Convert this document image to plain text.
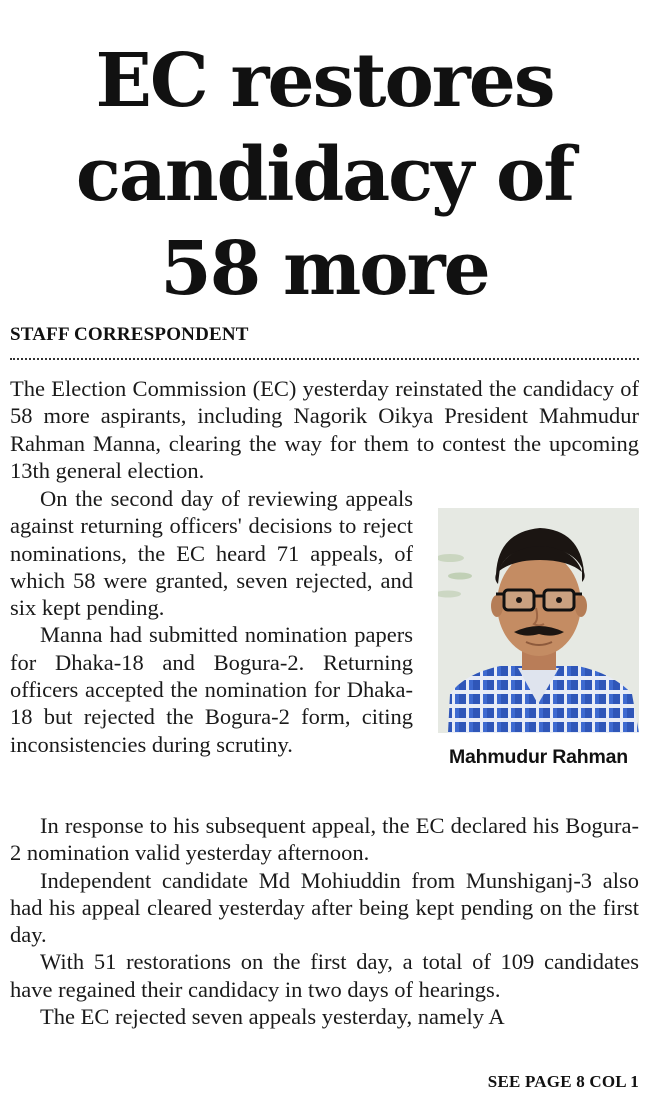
EC restores
candidacy of
58 more
STAFF CORRESPONDENT

The Election Commission (EC) yesterday reinstated the candidacy of 58 more aspirants, including Nagorik Oikya President Mahmudur Rahman Manna, clearing the way for them to contest the upcoming 13th general election.

On the second day of reviewing appeals against returning officers' decisions to reject nominations, the EC heard 71 appeals, of which 58 were granted, seven rejected, and six kept pending.

Manna had submitted nomination papers for Dhaka-18 and Bogura-2. Returning officers accepted the nomination for Dhaka-18 but rejected the Bogura-2 form, citing inconsistencies during scrutiny.

Mahmudur Rahman

In response to his subsequent appeal, the EC declared his Bogura-2 nomination valid yesterday afternoon.

Independent candidate Md Mohiuddin from Munshiganj-3 also had his appeal cleared yesterday after being kept pending on the first day.

With 51 restorations on the first day, a total of 109 candidates have regained their candidacy in two days of hearings.

The EC rejected seven appeals yesterday, namely A

SEE PAGE 8 COL 1
